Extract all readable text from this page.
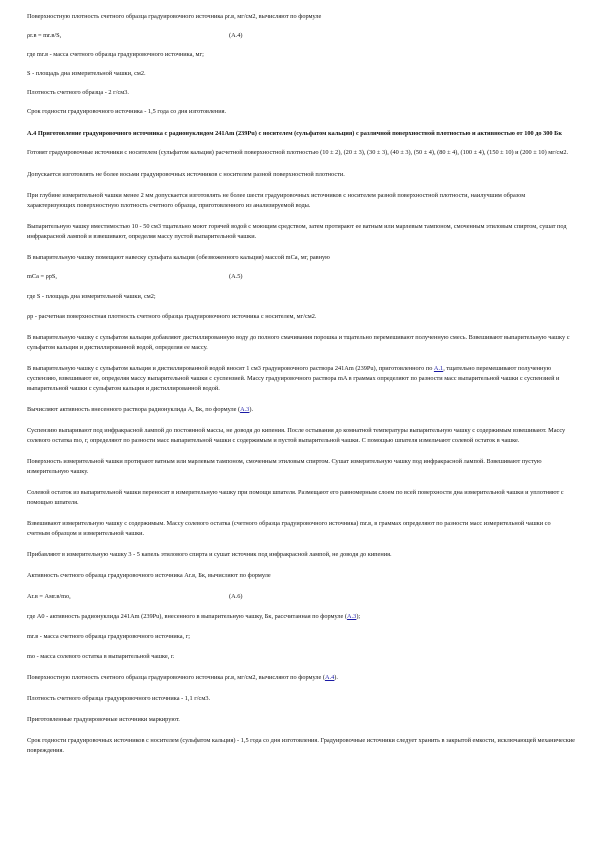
Поверхностную плотность счетного образца градуировочного источника ρr.в, мг/см2, вычисляют по формуле

ρr.в = mr.в/S,	(A.4)

где mr.в - масса счетного образца градуировочного источника, мг;

S - площадь дна измерительной чашки, см2.

Плотность счетного образца - 2 г/см3.

Срок годности градуировочного источника - 1,5 года со дня изготовления.

А.4 Приготовление градуировочного источника с радионуклидом 241Am (239Pu) с носителем (сульфатом кальция) с различной поверхностной плотностью и активностью от 100 до 300 Бк

Готовят градуировочные источники с носителем (сульфатом кальция) расчетной поверхностной плотностью (10 ± 2), (20 ± 3), (30 ± 3), (40 ± 3), (50 ± 4), (80 ± 4), (100 ± 4), (150 ± 10) и (200 ± 10) мг/см2.

Допускается изготовлять не более восьми градуировочных источников с носителем разной поверхностной плотности.

При глубине измерительной чашки менее 2 мм допускается изготовлять не более шести градуировочных источников с носителем разной поверхностной плотности, наилучшим образом характеризующих поверхностную плотность счетного образца, приготовленного из анализируемой воды.

Выпарительную чашку вместимостью 10 - 50 см3 тщательно моют горячей водой с моющим средством, затем протирают ее ватным или марлевым тампоном, смоченным этиловым спиртом, сушат под инфракрасной лампой и взвешивают, определяя массу пустой выпарительной чашки.

В выпарительную чашку помещают навеску сульфата кальция (обезвоженного кальция) массой mCa, мг, равную

mCa = ρpS,	(A.5)

где S - площадь дна измерительной чашки, см2;

ρp - расчетная поверхностная плотность счетного образца градуировочного источника с носителем, мг/см2.

В выпарительную чашку с сульфатом кальция добавляют дистиллированную воду до полного смачивания порошка и тщательно перемешивают полученную смесь. Взвешивают выпарительную чашку с сульфатом кальция и дистиллированной водой, определяя ее массу.

В выпарительную чашку с сульфатом кальция и дистиллированной водой вносят 1 см3 градуировочного раствора 241Am (239Pu), приготовленного по А.1, тщательно перемешивают полученную суспензию, взвешивают ее, определяя массу выпарительной чашки с суспензией. Массу градуировочного раствора mA в граммах определяют по разности масс выпарительной чашки с суспензией и выпарительной чашки с сульфатом кальция и дистиллированной водой.

Вычисляют активность внесенного раствора радионуклида А, Бк, по формуле (А.3).

Суспензию выпаривают под инфракрасной лампой до постоянной массы, не доводя до кипения. После остывания до комнатной температуры выпарительную чашку с содержимым взвешивают. Массу солевого остатка mo, г, определяют по разности масс выпарительной чашки с содержимым и пустой выпарительной чашки. С помощью шпателя измельчают солевой остаток в чашке.

Поверхность измерительной чашки протирают ватным или марлевым тампоном, смоченным этиловым спиртом. Сушат измерительную чашку под инфракрасной лампой. Взвешивают пустую измерительную чашку.

Солевой остаток из выпарительной чашки переносят в измерительную чашку при помощи шпателя. Размещают его равномерным слоем по всей поверхности дна измерительной чашки и уплотняют с помощью шпателя.

Взвешивают измерительную чашку с содержимым. Массу солевого остатка (счетного образца градуировочного источника) mr.в, в граммах определяют по разности масс измерительной чашки со счетным образцом и измерительной чашки.

Прибавляют в измерительную чашку 3 - 5 капель этилового спирта и сушат источник под инфракрасной лампой, не доводя до кипения.

Активность счетного образца градуировочного источника Аr.в, Бк, вычисляют по формуле

Аr.в = Амr.в/mo,	(A.6)

где А0 - активность радионуклида 241Am (239Pu), внесенного в выпарительную чашку, Бк, рассчитанная по формуле (А.3);

mr.в - масса счетного образца градуировочного источника, г;

mo - масса солевого остатка в выпарительной чашке, г.

Поверхностную плотность счетного образца градуировочного источника ρr.в, мг/см2, вычисляют по формуле (А.4).

Плотность счетного образца градуировочного источника - 1,1 г/см3.

Приготовленные градуировочные источники маркируют.

Срок годности градуировочных источников с носителем (сульфатом кальция) - 1,5 года со дня изготовления. Градуировочные источники следует хранить в закрытой емкости, исключающей механические повреждения.
